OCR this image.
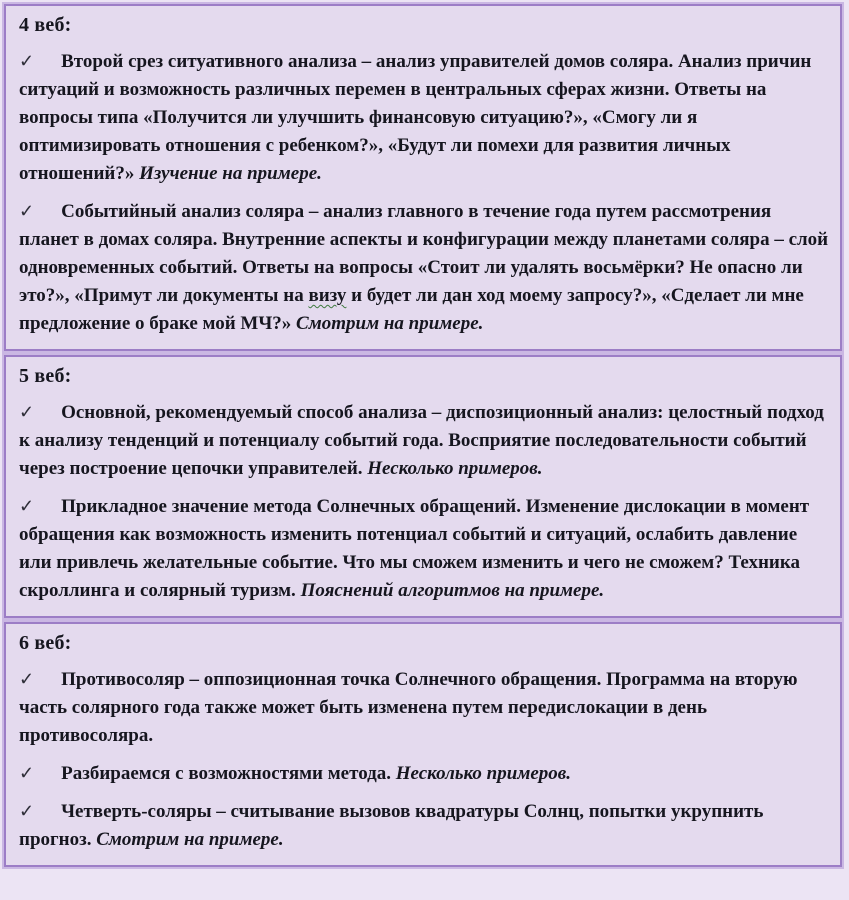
4 веб:

✓ Второй срез ситуативного анализа – анализ управителей домов соляра. Анализ причин ситуаций и возможность различных перемен в центральных сферах жизни. Ответы на вопросы типа «Получится ли улучшить финансовую ситуацию?», «Смогу ли я оптимизировать отношения с ребенком?», «Будут ли помехи для развития личных отношений?» Изучение на примере.

✓ Событийный анализ соляра – анализ главного в течение года путем рассмотрения планет в домах соляра. Внутренние аспекты и конфигурации между планетами соляра – слой одновременных событий. Ответы на вопросы «Стоит ли удалять восьмёрки? Не опасно ли это?», «Примут ли документы на визу и будет ли дан ход моему запросу?», «Сделает ли мне предложение о браке мой МЧ?» Смотрим на примере.

5 веб:

✓ Основной, рекомендуемый способ анализа – диспозиционный анализ: целостный подход к анализу тенденций и потенциалу событий года. Восприятие последовательности событий через построение цепочки управителей. Несколько примеров.

✓ Прикладное значение метода Солнечных обращений. Изменение дислокации в момент обращения как возможность изменить потенциал событий и ситуаций, ослабить давление или привлечь желательные событие. Что мы сможем изменить и чего не сможем? Техника скроллинга и солярный туризм. Пояснений алгоритмов на примере.

6 веб:

✓ Противосоляр – оппозиционная точка Солнечного обращения. Программа на вторую часть солярного года также может быть изменена путем передислокации в день противосоляра.

✓ Разбираемся с возможностями метода. Несколько примеров.

✓ Четверть-соляры – считывание вызовов квадратуры Солнц, попытки укрупнить прогноз. Смотрим на примере.
